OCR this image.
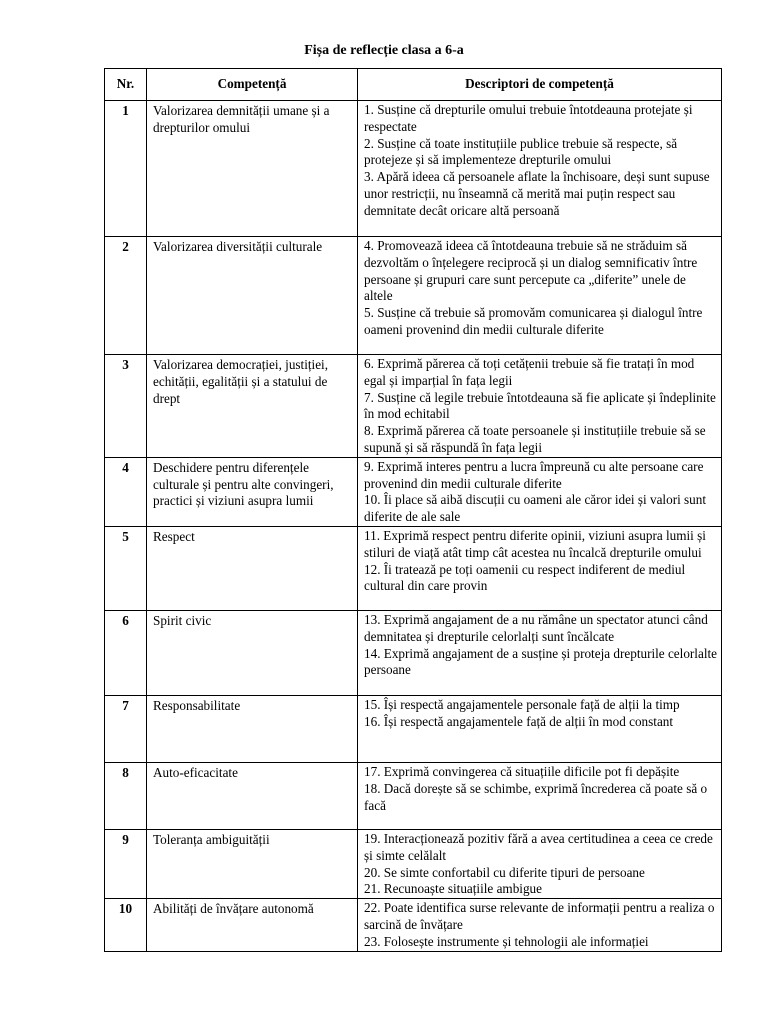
Fișa de reflecție clasa a 6-a
Nr.	Competență	Descriptori de competență
1	Valorizarea demnității umane și a drepturilor omului	1. Susține că drepturile omului trebuie întotdeauna protejate și respectate
2. Susține că toate instituțiile publice trebuie să respecte, să protejeze și să implementeze drepturile omului
3. Apără ideea că persoanele aflate la închisoare, deși sunt supuse unor restricții, nu înseamnă că merită mai puțin respect sau demnitate decât oricare altă persoană

2	Valorizarea diversității culturale	4. Promovează ideea că întotdeauna trebuie să ne străduim să dezvoltăm o înțelegere reciprocă și un dialog semnificativ între persoane și grupuri care sunt percepute ca „diferite” unele de altele
5. Susține că trebuie să promovăm comunicarea și dialogul între oameni provenind din medii culturale diferite

3	Valorizarea democrației, justiției, echității, egalității și a statului de drept	6. Exprimă părerea că toți cetățenii trebuie să fie tratați în mod egal și imparțial în fața legii
7. Susține că legile trebuie întotdeauna să fie aplicate și îndeplinite în mod echitabil
8. Exprimă părerea că toate persoanele și instituțiile trebuie să se supună și să răspundă în fața legii

4	Deschidere pentru diferențele culturale și pentru alte convingeri, practici și viziuni asupra lumii	9. Exprimă interes pentru a lucra împreună cu alte persoane care provenind din medii culturale diferite
10. Îi place să aibă discuții cu oameni ale căror idei și valori sunt diferite de ale sale

5	Respect	11. Exprimă respect pentru diferite opinii, viziuni asupra lumii și stiluri de viață atât timp cât acestea nu încalcă drepturile omului
12. Îi tratează pe toți oamenii cu respect indiferent de mediul cultural din care provin

6	Spirit civic	13. Exprimă angajament de a nu rămâne un spectator atunci când demnitatea și drepturile celorlalți sunt încălcate
14. Exprimă angajament de a susține și proteja drepturile celorlalte persoane

7	Responsabilitate	15. Își respectă angajamentele personale față de alții la timp
16. Își respectă angajamentele față de alții în mod constant

8	Auto-eficacitate	17. Exprimă convingerea că situațiile dificile pot fi depășite
18. Dacă dorește să se schimbe, exprimă încrederea că poate să o facă

9	Toleranța ambiguității	19. Interacționează pozitiv fără a avea certitudinea a ceea ce crede și simte celălalt
20. Se simte confortabil cu diferite tipuri de persoane
21. Recunoaște situațiile ambigue

10	Abilități de învățare autonomă	22. Poate identifica surse relevante de informații pentru a realiza o sarcină de învățare
23. Folosește instrumente și tehnologii ale informației
